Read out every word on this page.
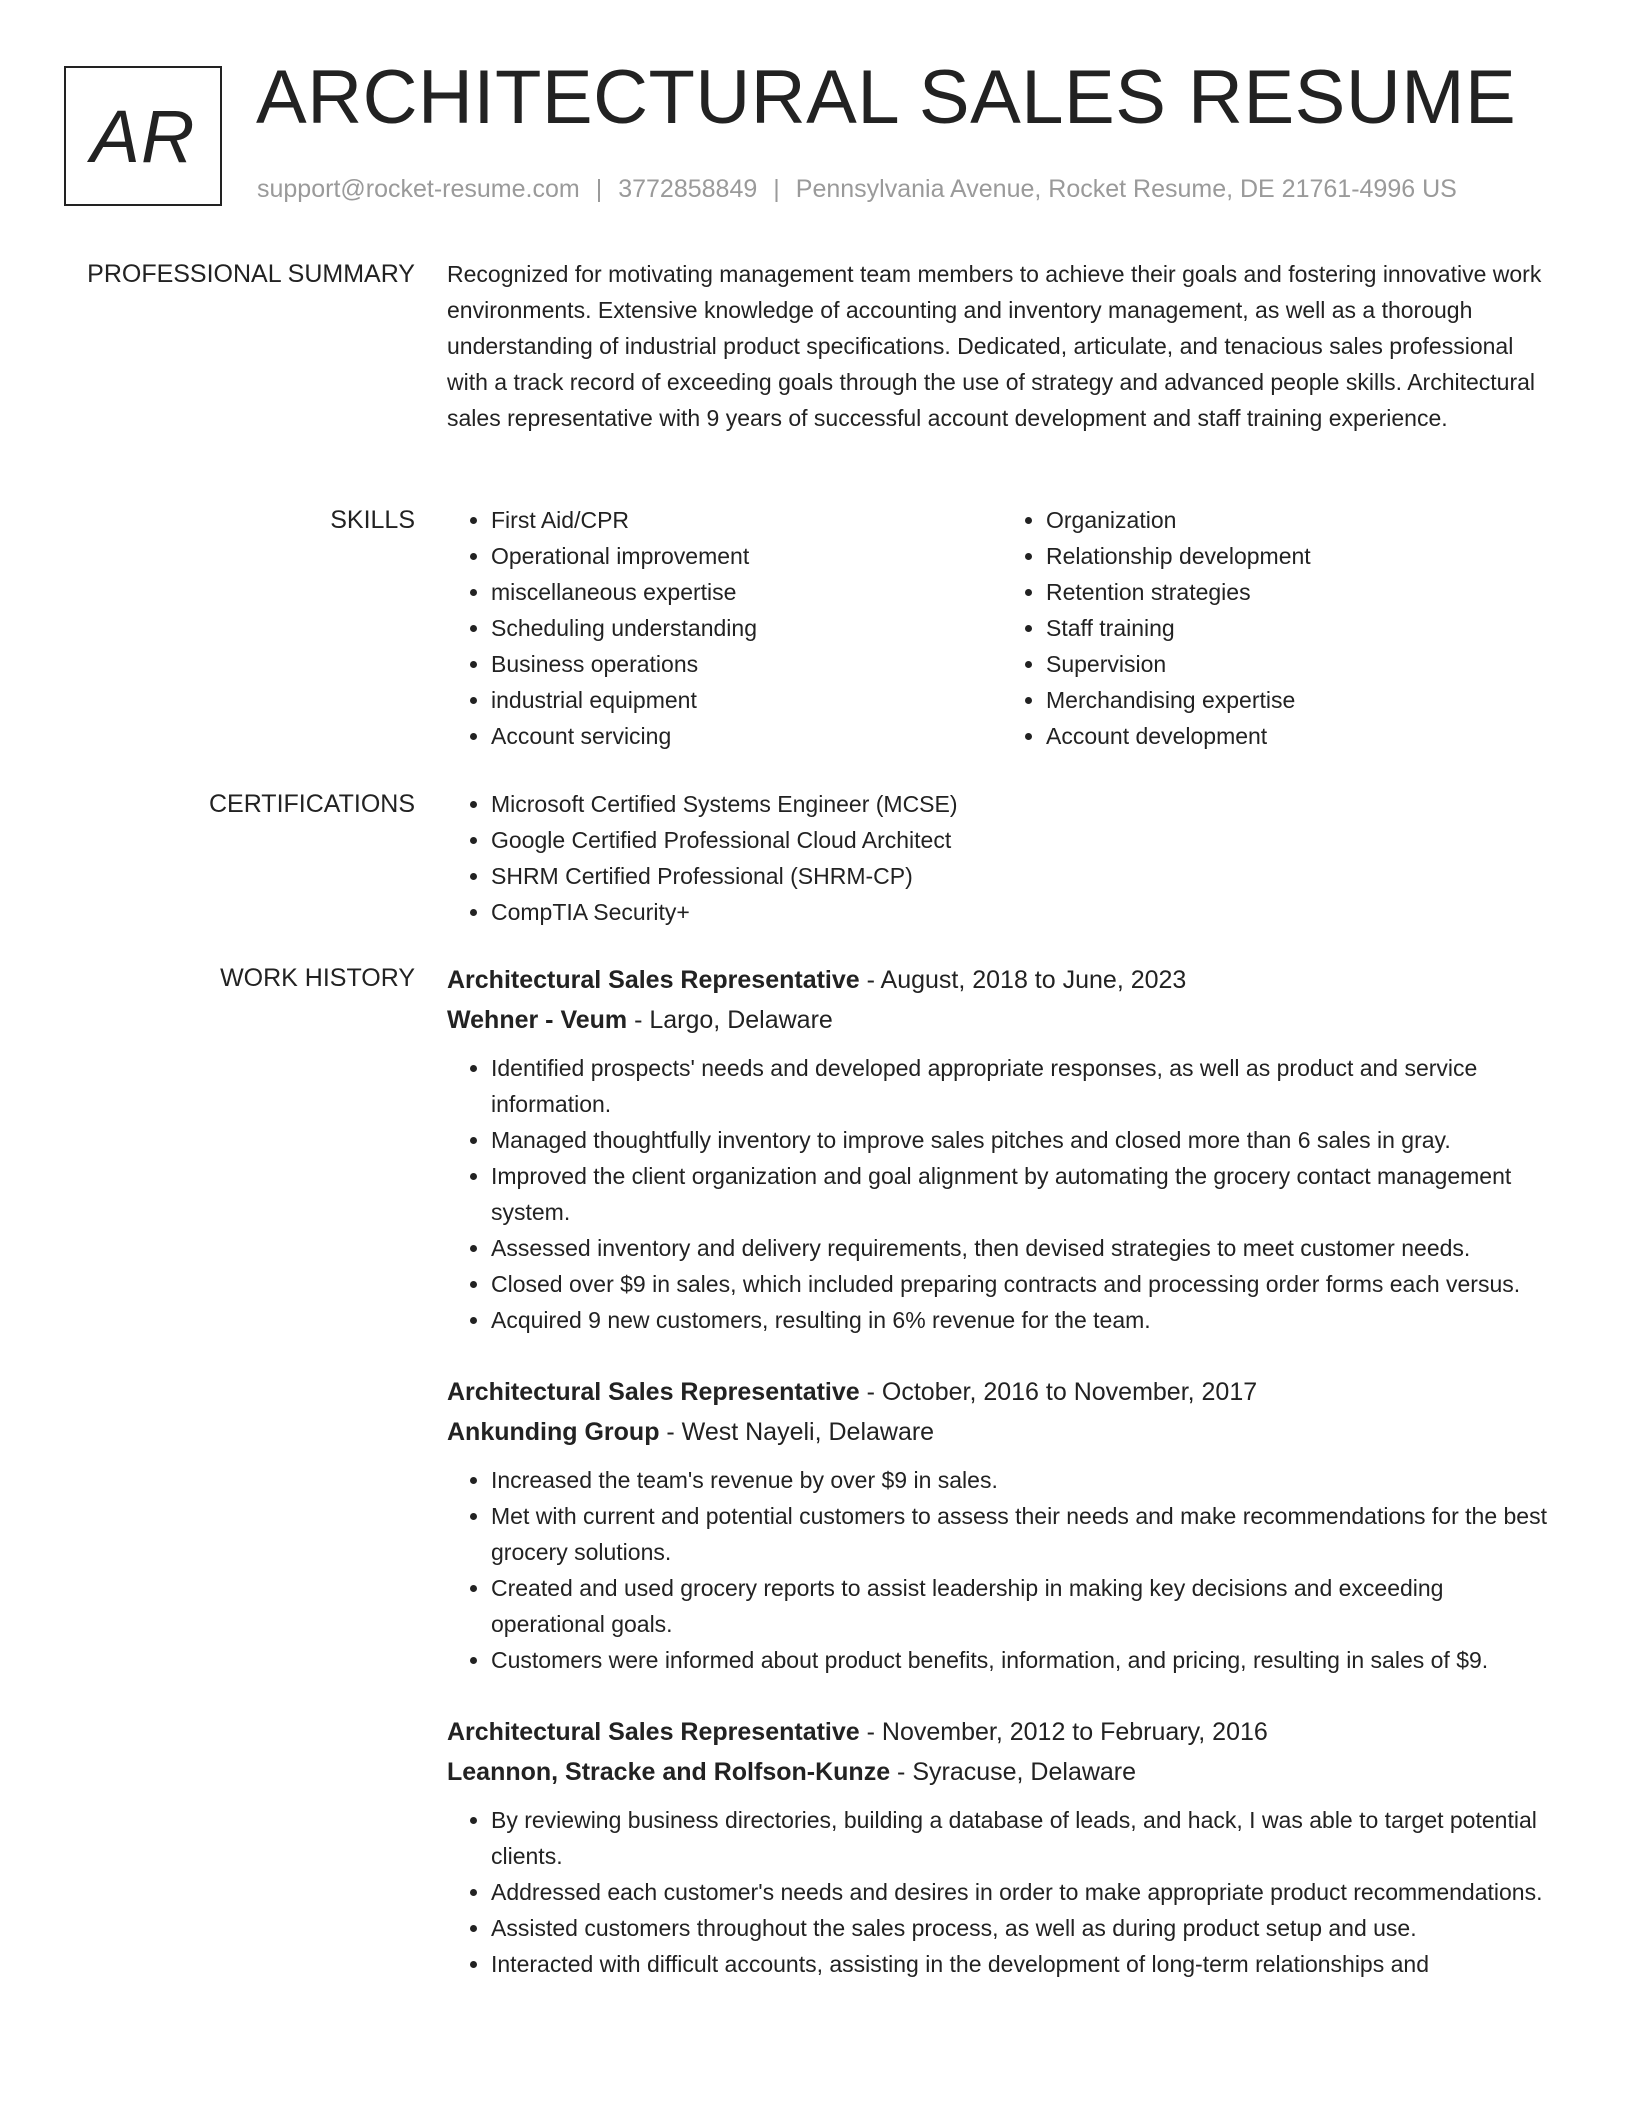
AR ARCHITECTURAL SALES RESUME
support@rocket-resume.com | 3772858849 | Pennsylvania Avenue, Rocket Resume, DE 21761-4996 US
PROFESSIONAL SUMMARY Recognized for motivating management team members to achieve their goals and fostering innovative work environments. Extensive knowledge of accounting and inventory management, as well as a thorough understanding of industrial product specifications. Dedicated, articulate, and tenacious sales professional with a track record of exceeding goals through the use of strategy and advanced people skills. Architectural sales representative with 9 years of successful account development and staff training experience.

SKILLS	• First Aid/CPR
• Operational improvement
• miscellaneous expertise
• Scheduling understanding
• Business operations
• industrial equipment
• Account servicing
• Organization
• Relationship development
• Retention strategies
• Staff training
• Supervision
• Merchandising expertise
• Account development
CERTIFICATIONS	• Microsoft Certified Systems Engineer (MCSE)
• Google Certified Professional Cloud Architect
• SHRM Certified Professional (SHRM-CP)
• CompTIA Security+
WORK HISTORY Architectural Sales Representative - August, 2018 to June, 2023
Wehner - Veum - Largo, Delaware
• Identified prospects' needs and developed appropriate responses, as well as product and service information.
• Managed thoughtfully inventory to improve sales pitches and closed more than 6 sales in gray.
• Improved the client organization and goal alignment by automating the grocery contact management system.
• Assessed inventory and delivery requirements, then devised strategies to meet customer needs.
• Closed over $9 in sales, which included preparing contracts and processing order forms each versus.
• Acquired 9 new customers, resulting in 6% revenue for the team.
Architectural Sales Representative - October, 2016 to November, 2017
Ankunding Group - West Nayeli, Delaware
• Increased the team's revenue by over $9 in sales.
• Met with current and potential customers to assess their needs and make recommendations for the best grocery solutions.
• Created and used grocery reports to assist leadership in making key decisions and exceeding operational goals.
• Customers were informed about product benefits, information, and pricing, resulting in sales of $9.
Architectural Sales Representative - November, 2012 to February, 2016
Leannon, Stracke and Rolfson-Kunze - Syracuse, Delaware
• By reviewing business directories, building a database of leads, and hack, I was able to target potential clients.
• Addressed each customer's needs and desires in order to make appropriate product recommendations.
• Assisted customers throughout the sales process, as well as during product setup and use.
• Interacted with difficult accounts, assisting in the development of long-term relationships and
